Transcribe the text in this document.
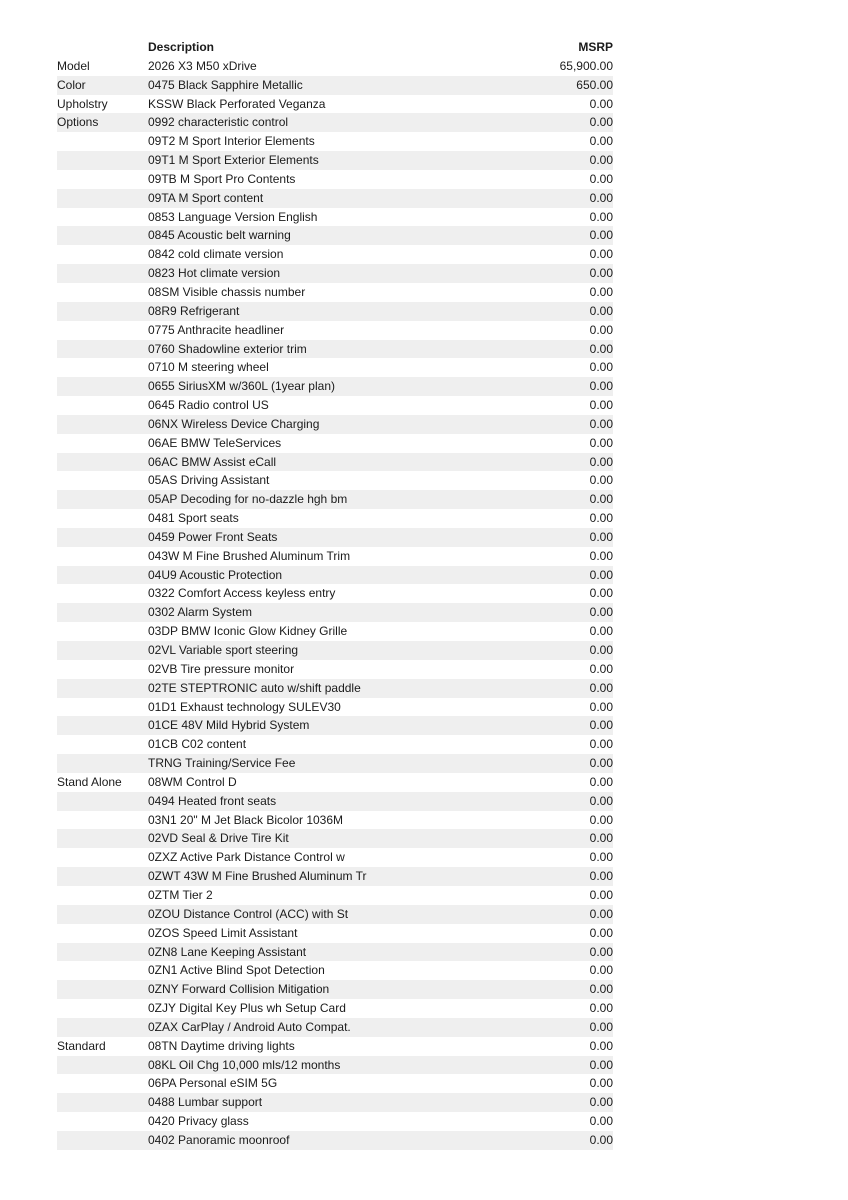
	Description	MSRP
Model	2026 X3 M50 xDrive	65,900.00
Color	0475 Black Sapphire Metallic	650.00
Upholstry	KSSW Black Perforated Veganza	0.00
Options	0992 characteristic control	0.00
	09T2 M Sport Interior Elements	0.00
	09T1 M Sport Exterior Elements	0.00
	09TB M Sport Pro Contents	0.00
	09TA M Sport content	0.00
	0853 Language Version English	0.00
	0845 Acoustic belt warning	0.00
	0842 cold climate version	0.00
	0823 Hot climate version	0.00
	08SM Visible chassis number	0.00
	08R9 Refrigerant	0.00
	0775 Anthracite headliner	0.00
	0760 Shadowline exterior trim	0.00
	0710 M steering wheel	0.00
	0655 SiriusXM w/360L (1year plan)	0.00
	0645 Radio control US	0.00
	06NX Wireless Device Charging	0.00
	06AE BMW TeleServices	0.00
	06AC BMW Assist eCall	0.00
	05AS Driving Assistant	0.00
	05AP Decoding for no-dazzle hgh bm	0.00
	0481 Sport seats	0.00
	0459 Power Front Seats	0.00
	043W M Fine Brushed Aluminum Trim	0.00
	04U9 Acoustic Protection	0.00
	0322 Comfort Access keyless entry	0.00
	0302 Alarm System	0.00
	03DP BMW Iconic Glow Kidney Grille	0.00
	02VL Variable sport steering	0.00
	02VB Tire pressure monitor	0.00
	02TE STEPTRONIC auto w/shift paddle	0.00
	01D1 Exhaust technology SULEV30	0.00
	01CE 48V Mild Hybrid System	0.00
	01CB C02 content	0.00
	TRNG Training/Service Fee	0.00
Stand Alone	08WM Control D	0.00
	0494 Heated front seats	0.00
	03N1 20" M Jet Black Bicolor 1036M	0.00
	02VD Seal & Drive Tire Kit	0.00
	0ZXZ Active Park Distance Control w	0.00
	0ZWT 43W M Fine Brushed Aluminum Tr	0.00
	0ZTM Tier 2	0.00
	0ZOU Distance Control (ACC) with St	0.00
	0ZOS Speed Limit Assistant	0.00
	0ZN8 Lane Keeping Assistant	0.00
	0ZN1 Active Blind Spot Detection	0.00
	0ZNY Forward Collision Mitigation	0.00
	0ZJY Digital Key Plus wh Setup Card	0.00
	0ZAX CarPlay / Android Auto Compat.	0.00
Standard	08TN Daytime driving lights	0.00
	08KL Oil Chg 10,000 mls/12 months	0.00
	06PA Personal eSIM 5G	0.00
	0488 Lumbar support	0.00
	0420 Privacy glass	0.00
	0402 Panoramic moonroof	0.00
